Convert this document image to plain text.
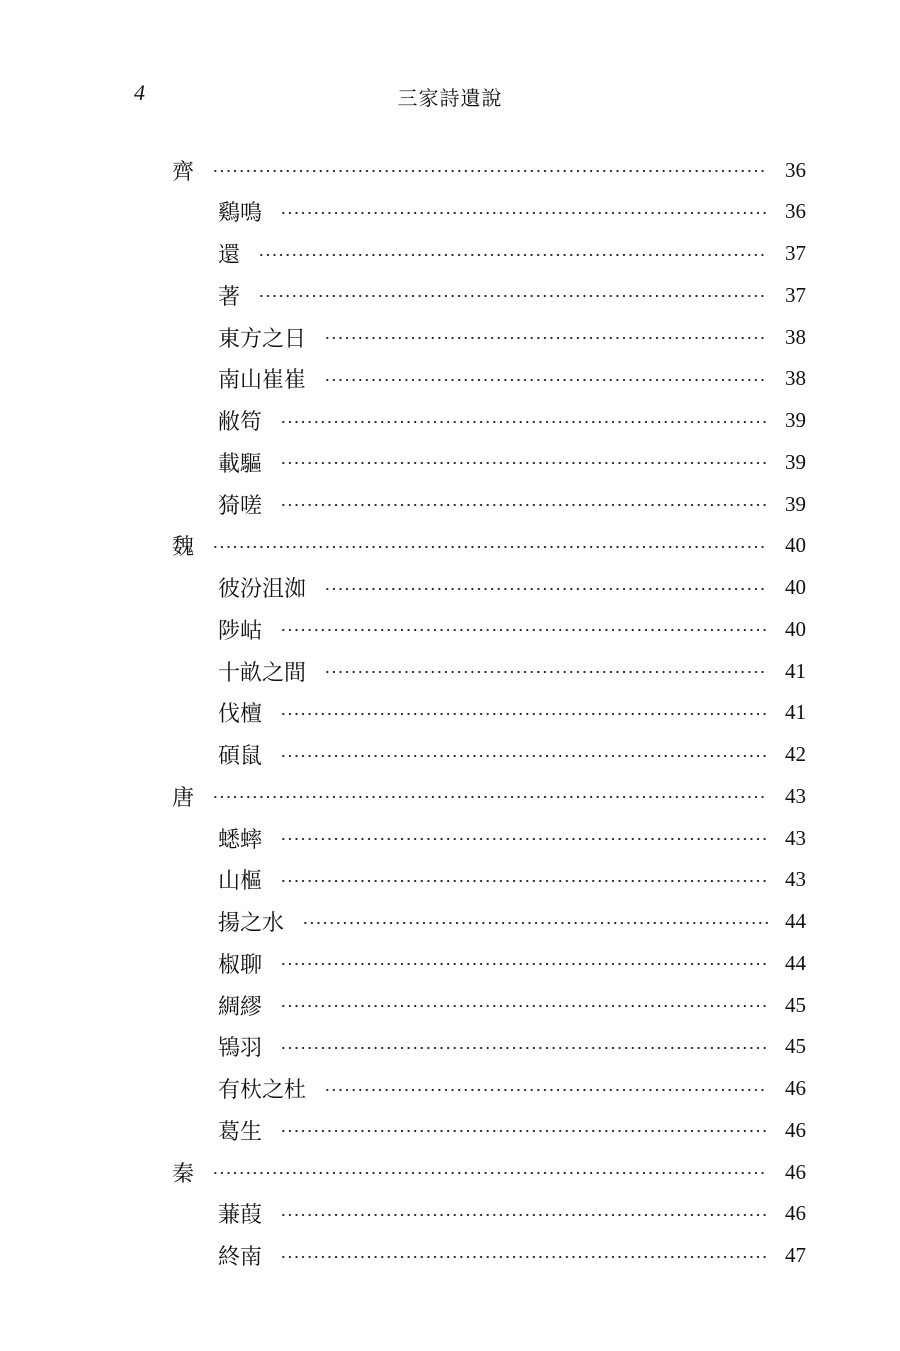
4	三家詩遺說
齊	36
鷄鳴	36
還	37
著	37
東方之日	38
南山崔崔	38
敝笱	39
載驅	39
猗嗟	39
魏	40
彼汾沮洳	40
陟岵	40
十畝之間	41
伐檀	41
碩鼠	42
唐	43
蟋蟀	43
山樞	43
揚之水	44
椒聊	44
綢繆	45
鴇羽	45
有杕之杜	46
葛生	46
秦	46
蒹葭	46
終南	47
